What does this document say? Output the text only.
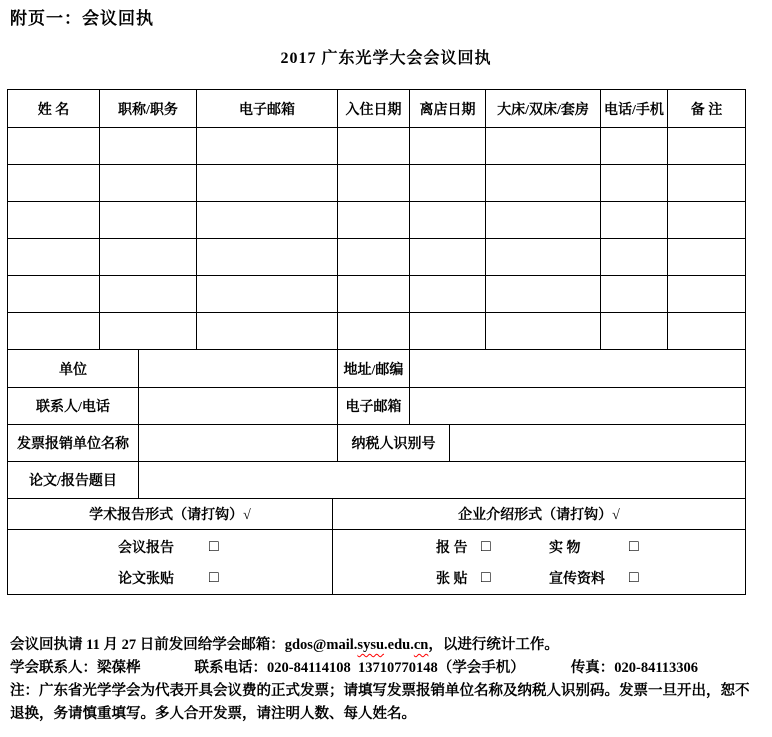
附页一：会议回执
2017 广东光学大会会议回执
姓 名	职称/职务	电子邮箱	入住日期	离店日期	大床/双床/套房	电话/手机	备 注

单位		地址/邮编	
联系人/电话		电子邮箱	
发票报销单位名称		纳税人识别号	
论文/报告题目	
学术报告形式（请打钩）√	企业介绍形式（请打钩）√

会议报告	□
论文张贴	□

报 告 □	实 物	□
张 贴 □	宣传资料	□

会议回执请 11 月 27 日前发回给学会邮箱：gdos@mail.sysu.edu.cn，以进行统计工作。

学会联系人：梁葆桦	联系电话：020-84114108  13710770148（学会手机）	传真：020-84113306

注：广东省光学学会为代表开具会议费的正式发票；请填写发票报销单位名称及纳税人识别码。发票一旦开出，恕不退换，务请慎重填写。多人合开发票，请注明人数、每人姓名。
